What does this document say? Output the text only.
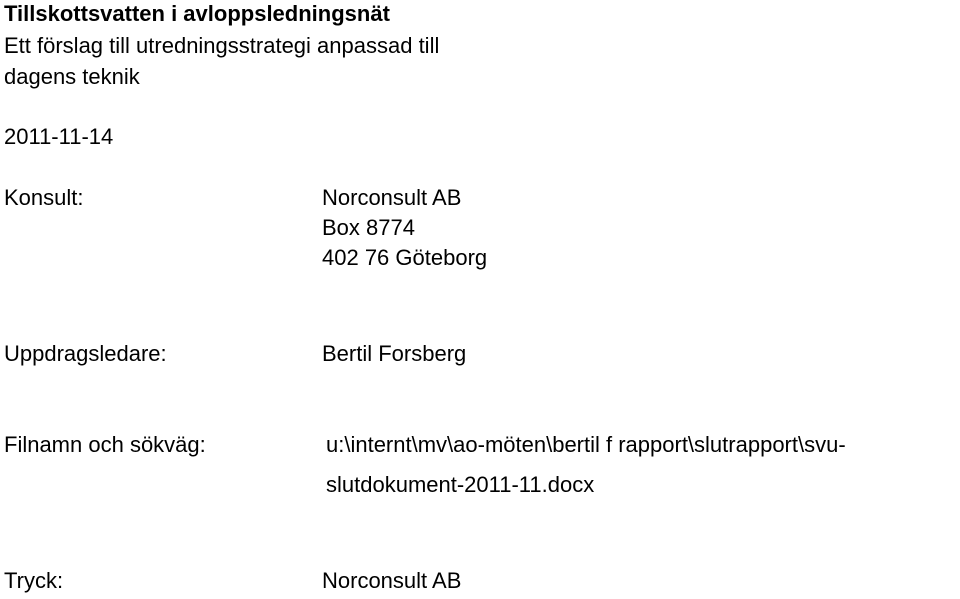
Tillskottsvatten i avloppsledningsnät
Ett förslag till utredningsstrategi anpassad till
dagens teknik
2011-11-14
Konsult:	Norconsult AB
Box 8774
402 76 Göteborg
Uppdragsledare:	Bertil Forsberg
Filnamn och sökväg:	u:\internt\mv\ao-möten\bertil f rapport\slutrapport\svu-
slutdokument-2011-11.docx
Tryck:	Norconsult AB
